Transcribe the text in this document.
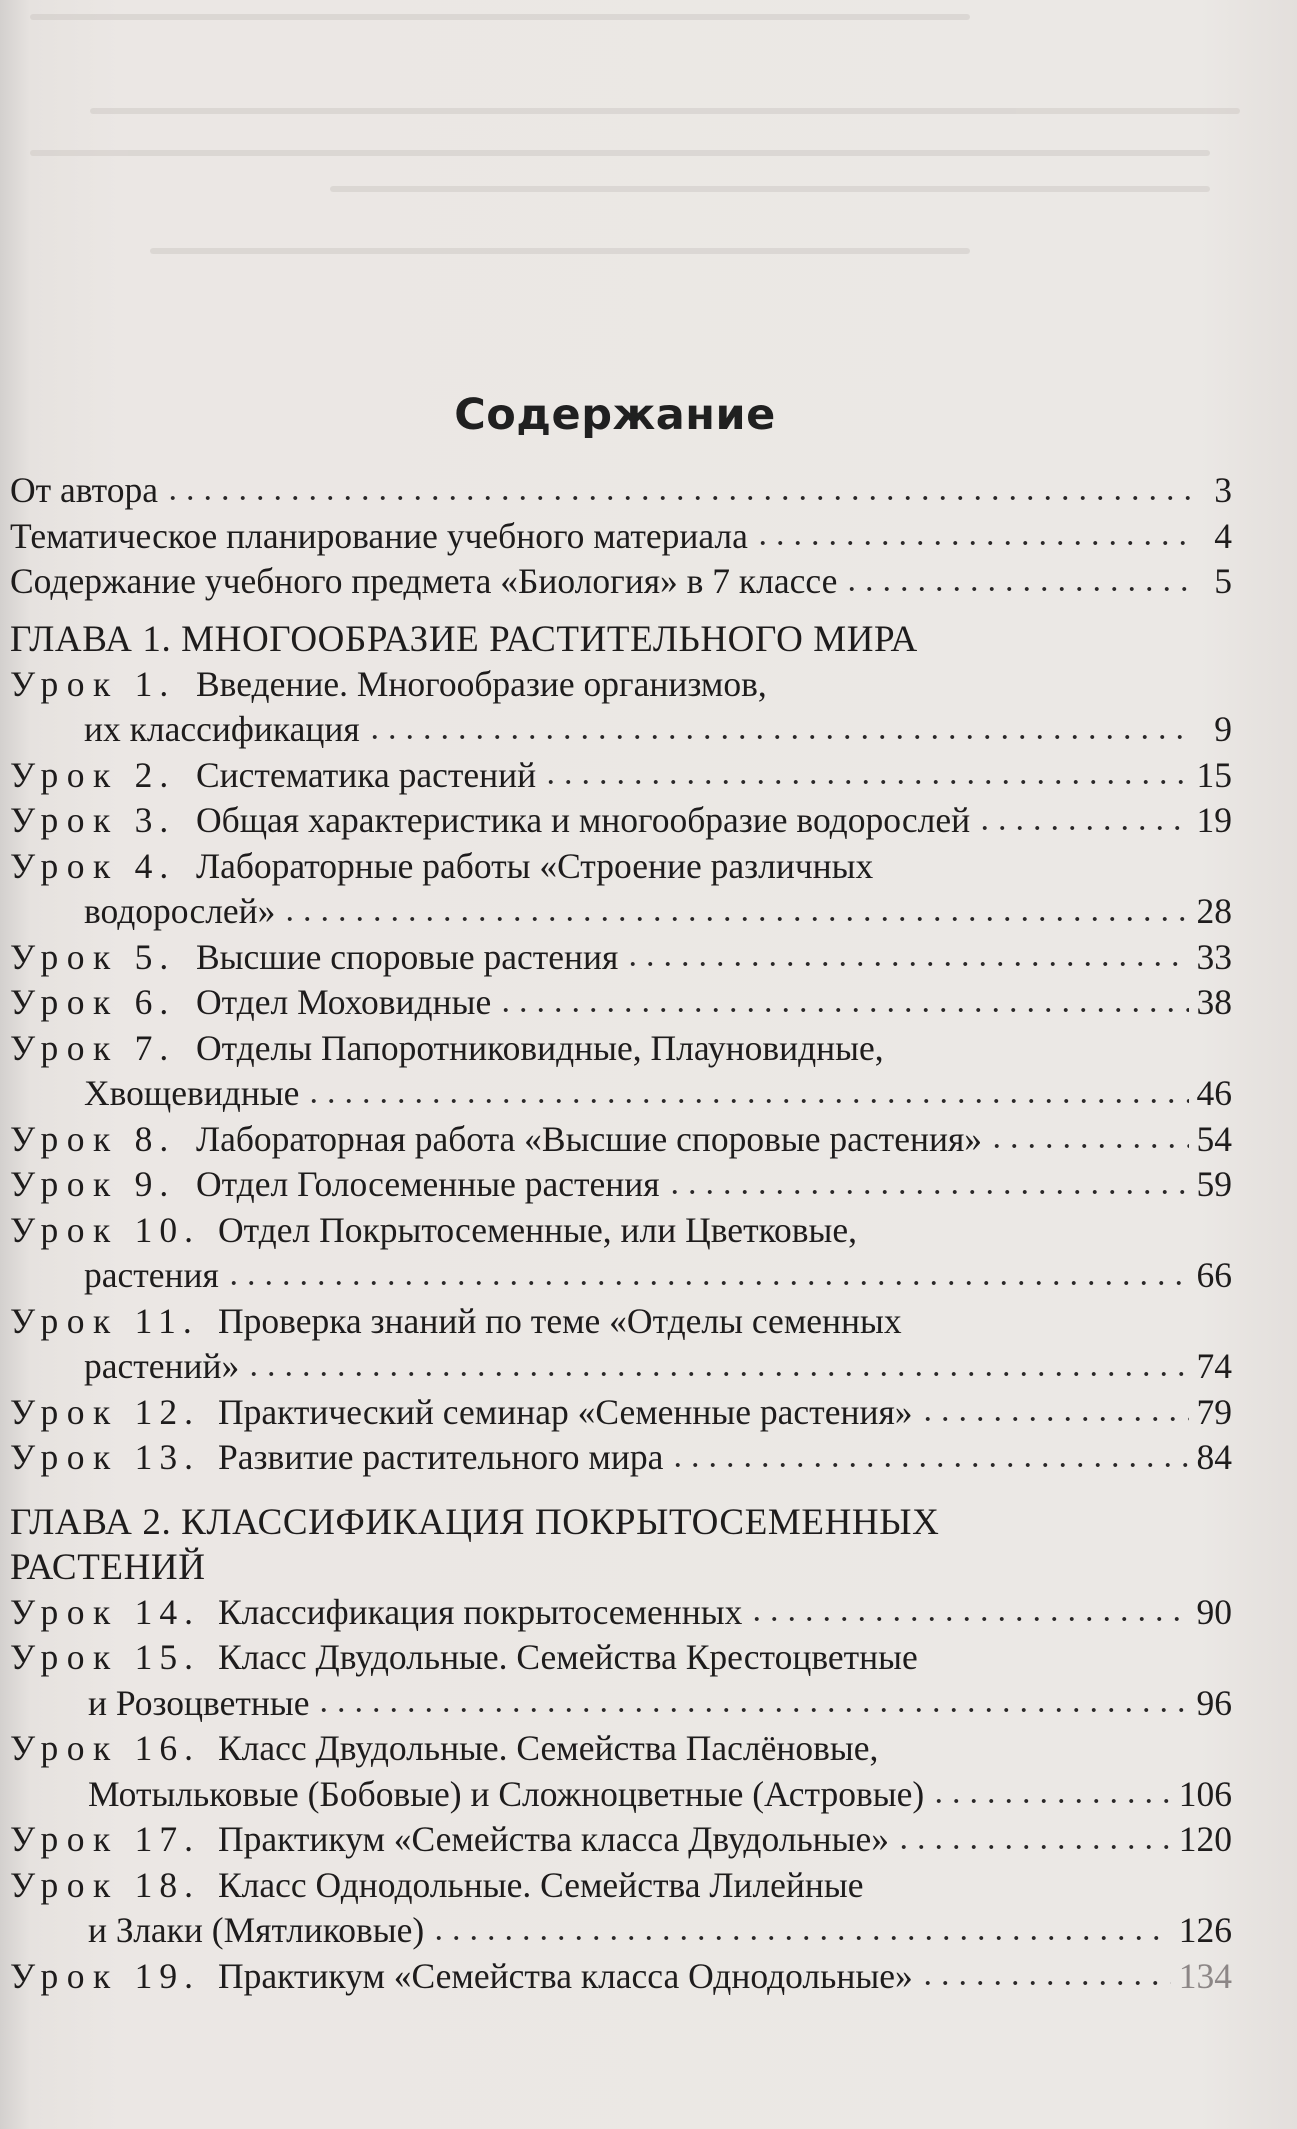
Содержание
От автора	3
Тематическое планирование учебного материала	4
Содержание учебного предмета «Биология» в 7 классе	5
ГЛАВА 1. МНОГООБРАЗИЕ РАСТИТЕЛЬНОГО МИРА
Урок 1. Введение. Многообразие организмов,
их классификация	9
Урок 2. Систематика растений	15
Урок 3. Общая характеристика и многообразие водорослей	19
Урок 4. Лабораторные работы «Строение различных
водорослей»	28
Урок 5. Высшие споровые растения	33
Урок 6. Отдел Моховидные	38
Урок 7. Отделы Папоротниковидные, Плауновидные,
Хвощевидные	46
Урок 8. Лабораторная работа «Высшие споровые растения»	54
Урок 9. Отдел Голосеменные растения	59
Урок 10. Отдел Покрытосеменные, или Цветковые,
растения	66
Урок 11. Проверка знаний по теме «Отделы семенных
растений»	74
Урок 12. Практический семинар «Семенные растения»	79
Урок 13. Развитие растительного мира	84
ГЛАВА 2. КЛАССИФИКАЦИЯ ПОКРЫТОСЕМЕННЫХ
РАСТЕНИЙ
Урок 14. Классификация покрытосеменных	90
Урок 15. Класс Двудольные. Семейства Крестоцветные
и Розоцветные	96
Урок 16. Класс Двудольные. Семейства Паслёновые,
Мотыльковые (Бобовые) и Сложноцветные (Астровые)	106
Урок 17. Практикум «Семейства класса Двудольные»	120
Урок 18. Класс Однодольные. Семейства Лилейные
и Злаки (Мятликовые)	126
Урок 19. Практикум «Семейства класса Однодольные»	134
